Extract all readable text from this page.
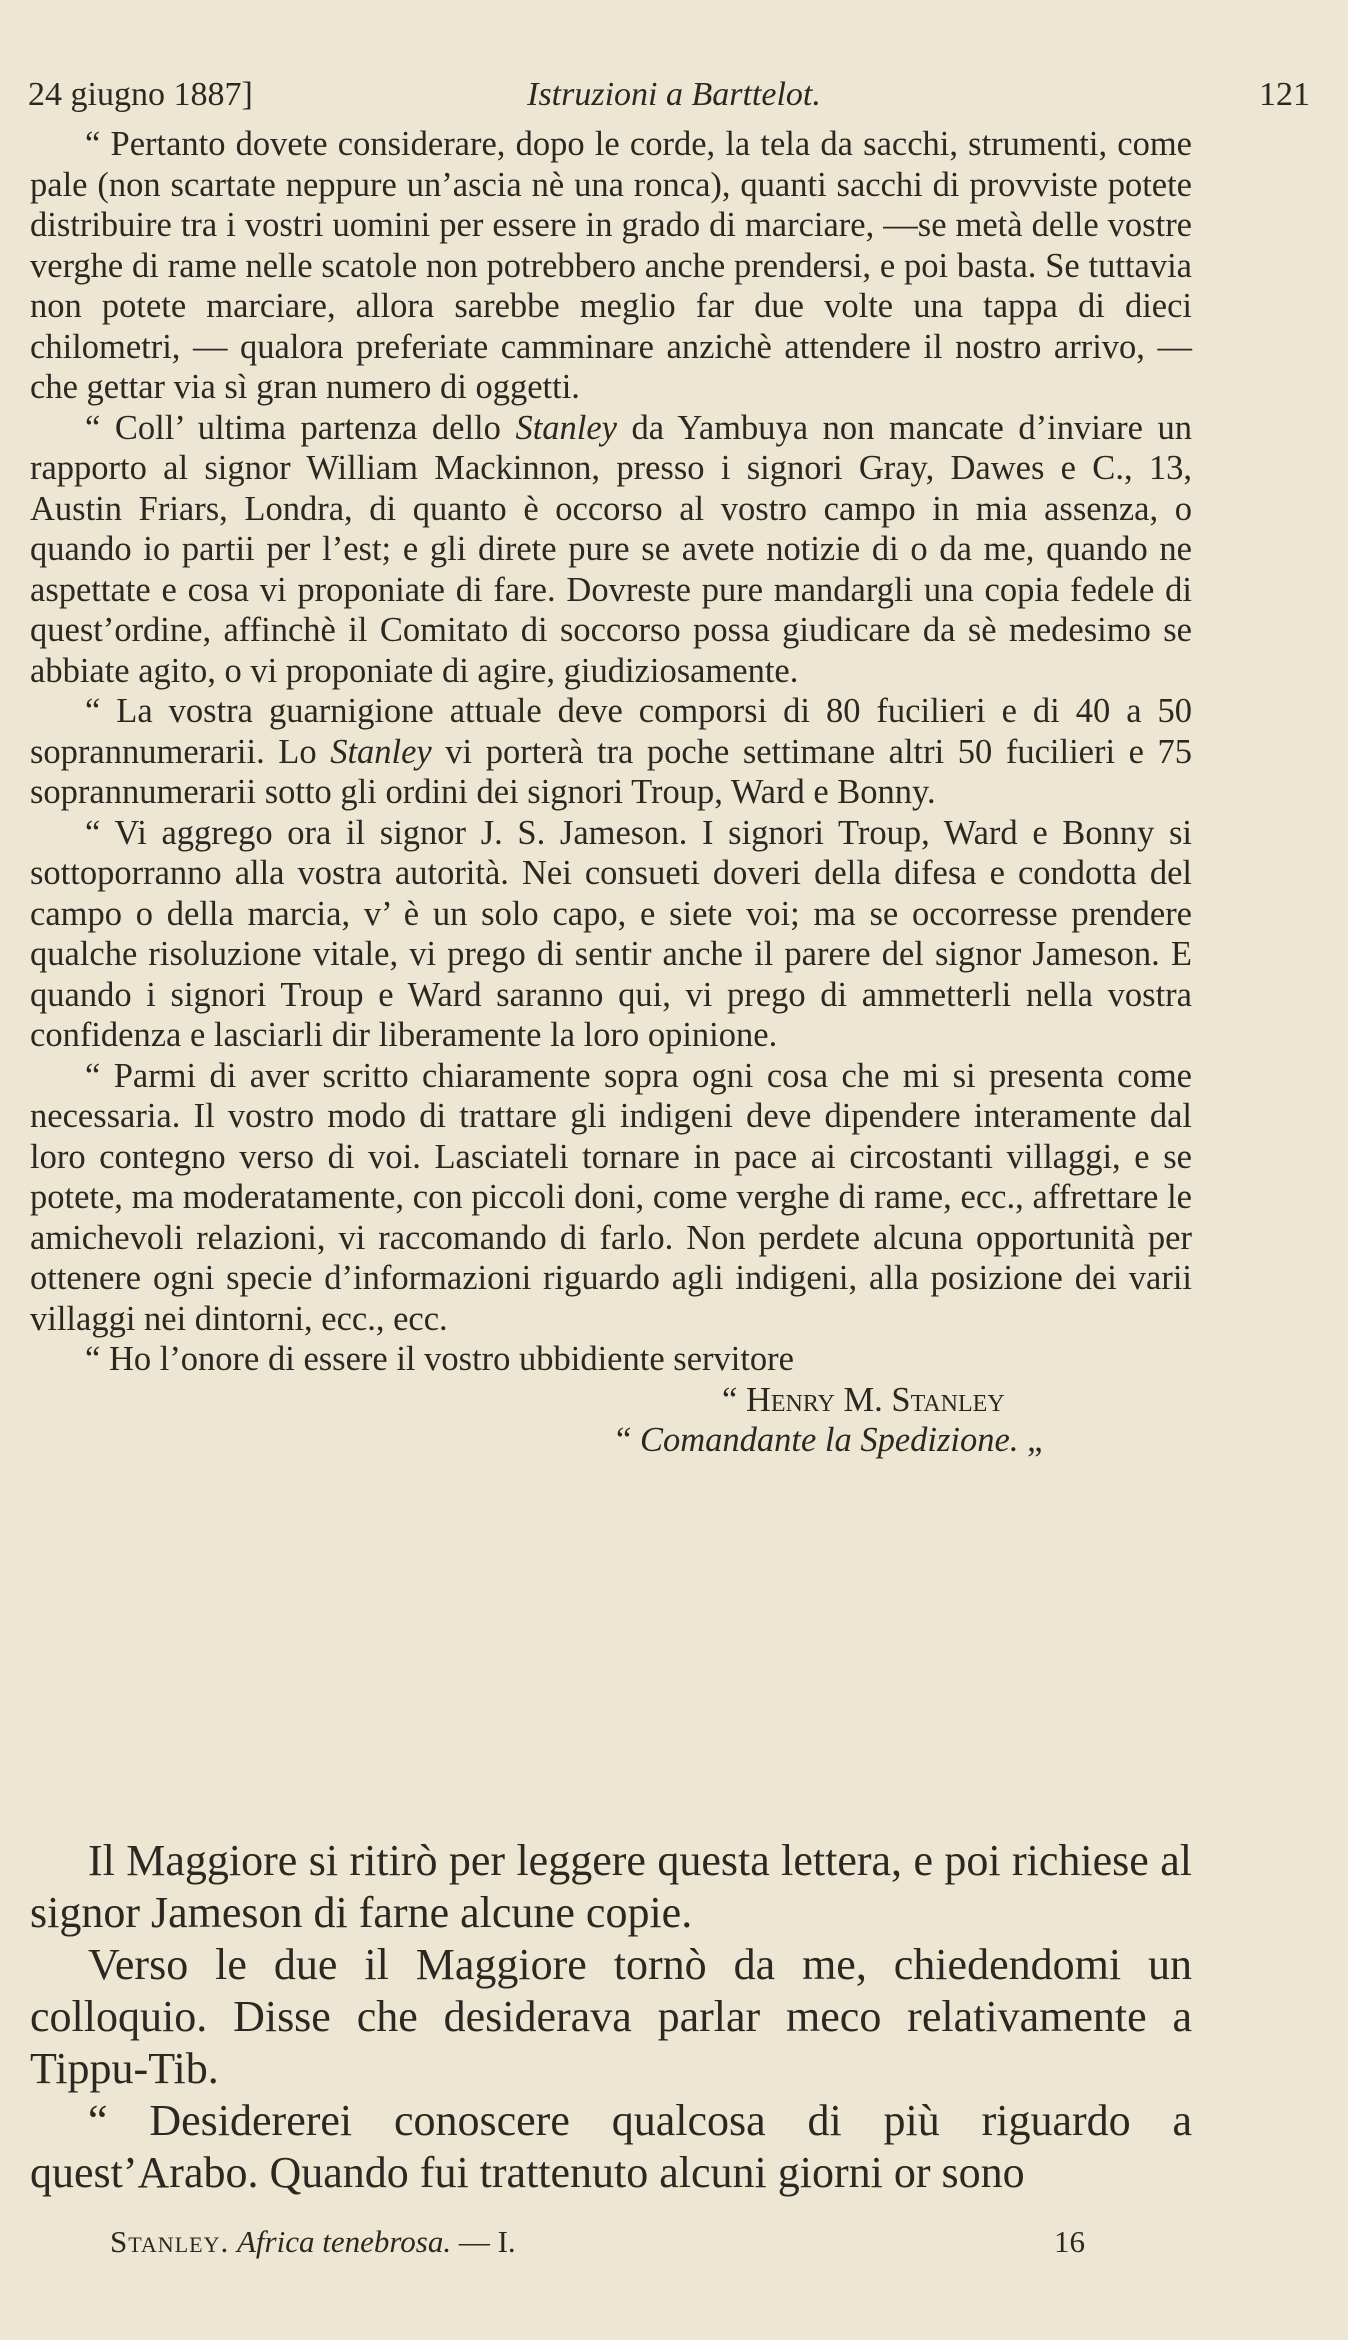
24 giugno 1887]	Istruzioni a Barttelot.	121

“ Pertanto dovete considerare, dopo le corde, la tela da sacchi, strumenti, come pale (non scartate neppure un’ascia nè una ronca), quanti sacchi di provviste potete distribuire tra i vostri uomini per essere in grado di marciare, —se metà delle vostre verghe di rame nelle scatole non potrebbero anche prendersi, e poi basta. Se tuttavia non potete marciare, allora sarebbe meglio far due volte una tappa di dieci chilometri, — qualora preferiate camminare anzichè attendere il nostro arrivo, — che gettar via sì gran numero di oggetti.

“ Coll’ ultima partenza dello Stanley da Yambuya non mancate d’inviare un rapporto al signor William Mackinnon, presso i signori Gray, Dawes e C., 13, Austin Friars, Londra, di quanto è occorso al vostro campo in mia assenza, o quando io partii per l’est; e gli direte pure se avete notizie di o da me, quando ne aspettate e cosa vi proponiate di fare. Dovreste pure mandargli una copia fedele di quest’ordine, affinchè il Comitato di soccorso possa giudicare da sè medesimo se abbiate agito, o vi proponiate di agire, giudiziosamente.

“ La vostra guarnigione attuale deve comporsi di 80 fucilieri e di 40 a 50 soprannumerarii. Lo Stanley vi porterà tra poche settimane altri 50 fucilieri e 75 soprannumerarii sotto gli ordini dei signori Troup, Ward e Bonny.

“ Vi aggrego ora il signor J. S. Jameson. I signori Troup, Ward e Bonny si sottoporranno alla vostra autorità. Nei consueti doveri della difesa e condotta del campo o della marcia, v’ è un solo capo, e siete voi; ma se occorresse prendere qualche risoluzione vitale, vi prego di sentir anche il parere del signor Jameson. E quando i signori Troup e Ward saranno qui, vi prego di ammetterli nella vostra confidenza e lasciarli dir liberamente la loro opinione.

“ Parmi di aver scritto chiaramente sopra ogni cosa che mi si presenta come necessaria. Il vostro modo di trattare gli indigeni deve dipendere interamente dal loro contegno verso di voi. Lasciateli tornare in pace ai circostanti villaggi, e se potete, ma moderatamente, con piccoli doni, come verghe di rame, ecc., affrettare le amichevoli relazioni, vi raccomando di farlo. Non perdete alcuna opportunità per ottenere ogni specie d’informazioni riguardo agli indigeni, alla posizione dei varii villaggi nei dintorni, ecc., ecc.

“ Ho l’onore di essere il vostro ubbidiente servitore

“ Henry M. Stanley
“ Comandante la Spedizione. „

Il Maggiore si ritirò per leggere questa lettera, e poi richiese al signor Jameson di farne alcune copie.

Verso le due il Maggiore tornò da me, chiedendomi un colloquio. Disse che desiderava parlar meco relativamente a Tippu-Tib.

“ Desidererei conoscere qualcosa di più riguardo a quest’Arabo. Quando fui trattenuto alcuni giorni or sono

Stanley. Africa tenebrosa. — I.	16
